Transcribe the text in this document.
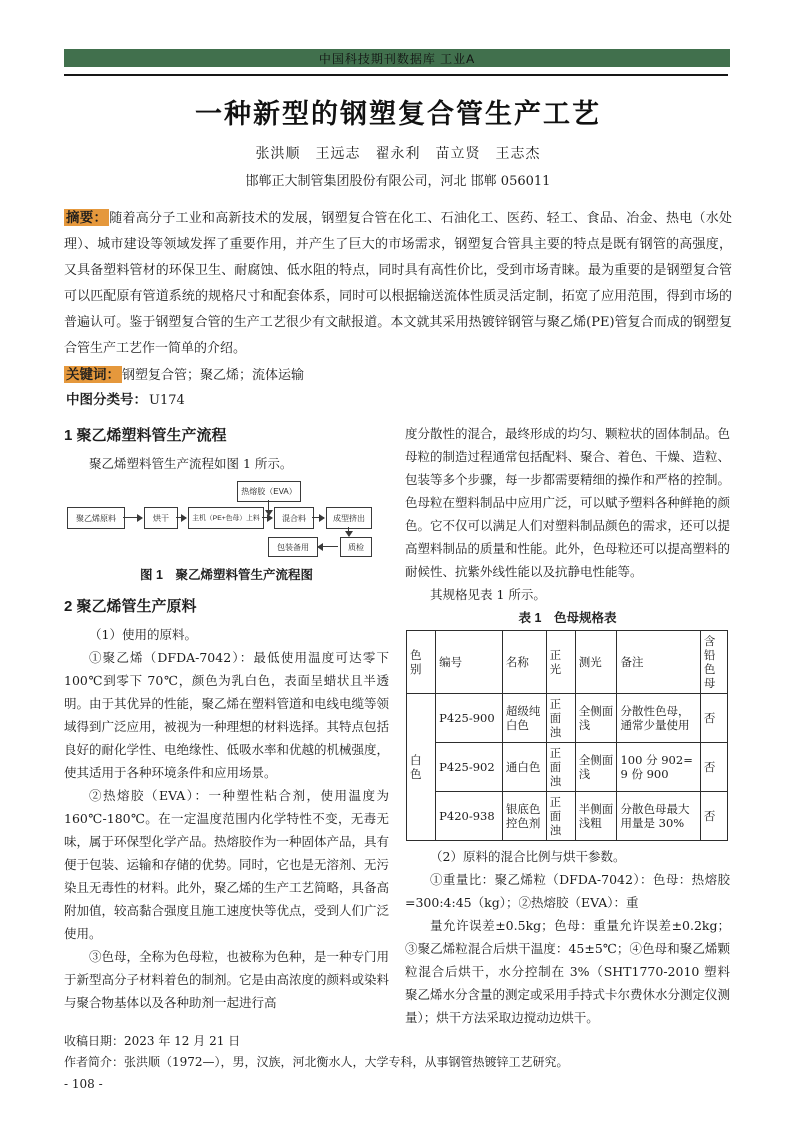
中国科技期刊数据库 工业A
一种新型的钢塑复合管生产工艺
张洪顺　王远志　翟永利　苗立贤　王志杰
邯郸正大制管集团股份有限公司，河北 邯郸 056011
摘要： 随着高分子工业和高新技术的发展，钢塑复合管在化工、石油化工、医药、轻工、食品、冶金、热电（水处理）、城市建设等领域发挥了重要作用，并产生了巨大的市场需求，钢塑复合管具主要的特点是既有钢管的高强度，又具备塑料管材的环保卫生、耐腐蚀、低水阻的特点，同时具有高性价比，受到市场青睐。最为重要的是钢塑复合管可以匹配原有管道系统的规格尺寸和配套体系，同时可以根据输送流体性质灵活定制，拓宽了应用范围，得到市场的普遍认可。鉴于钢塑复合管的生产工艺很少有文献报道。本文就其采用热镀锌钢管与聚乙烯(PE)管复合而成的钢塑复合管生产工艺作一简单的介绍。
关键词： 钢塑复合管；聚乙烯；流体运输
中图分类号： U174
1 聚乙烯塑料管生产流程

聚乙烯塑料管生产流程如图 1 所示。

热熔胶（EVA）
聚乙烯原料	烘干	主机（PE+色母）上料	混合料	成型挤出
质检
包装备用
图 1　聚乙烯塑料管生产流程图
2 聚乙烯管生产原料

（1）使用的原料。

①聚乙烯（DFDA-7042）：最低使用温度可达零下100℃到零下 70℃，颜色为乳白色，表面呈蜡状且半透明。由于其优异的性能，聚乙烯在塑料管道和电线电缆等领域得到广泛应用，被视为一种理想的材料选择。其特点包括良好的耐化学性、电绝缘性、低吸水率和优越的机械强度，使其适用于各种环境条件和应用场景。

②热熔胶（EVA）：一种塑性粘合剂，使用温度为160℃-180℃。在一定温度范围内化学特性不变，无毒无味，属于环保型化学产品。热熔胶作为一种固体产品，具有便于包装、运输和存储的优势。同时，它也是无溶剂、无污染且无毒性的材料。此外，聚乙烯的生产工艺简略，具备高附加值，较高黏合强度且施工速度快等优点，受到人们广泛使用。

③色母，全称为色母粒，也被称为色种，是一种专门用于新型高分子材料着色的制剂。它是由高浓度的颜料或染料与聚合物基体以及各种助剂一起进行高

度分散性的混合，最终形成的均匀、颗粒状的固体制品。色母粒的制造过程通常包括配料、聚合、着色、干燥、造粒、包装等多个步骤，每一步都需要精细的操作和严格的控制。色母粒在塑料制品中应用广泛，可以赋予塑料各种鲜艳的颜色。它不仅可以满足人们对塑料制品颜色的需求，还可以提高塑料制品的质量和性能。此外，色母粒还可以提高塑料的耐候性、抗紫外线性能以及抗静电性能等。

其规格见表 1 所示。

表 1　色母规格表
色别	编号	名称	正光	测光	备注	含铅色母
白色	P425-900	超级纯白色	正面浊	全侧面浅	分散性色母，通常少量使用	否
	P425-902	通白色	正面浊	全侧面浅	100 分 902=9 份 900	否
	P420-938	银底色控色剂	正面浊	半侧面浅粗	分散色母最大用量是 30%	否

（2）原料的混合比例与烘干参数。

①重量比：聚乙烯粒（DFDA-7042）：色母：热熔胶=300:4:45（kg）；②热熔胶（EVA）：重

量允许误差±0.5kg；色母：重量允许误差±0.2kg；③聚乙烯粒混合后烘干温度：45±5℃；④色母和聚乙烯颗粒混合后烘干，水分控制在 3%（SHT1770-2010 塑料 聚乙烯水分含量的测定或采用手持式卡尔费休水分测定仪测量）；烘干方法采取边搅动边烘干。

收稿日期：2023 年 12 月 21 日
作者简介：张洪顺（1972—），男，汉族，河北衡水人，大学专科，从事钢管热镀锌工艺研究。
- 108 -
